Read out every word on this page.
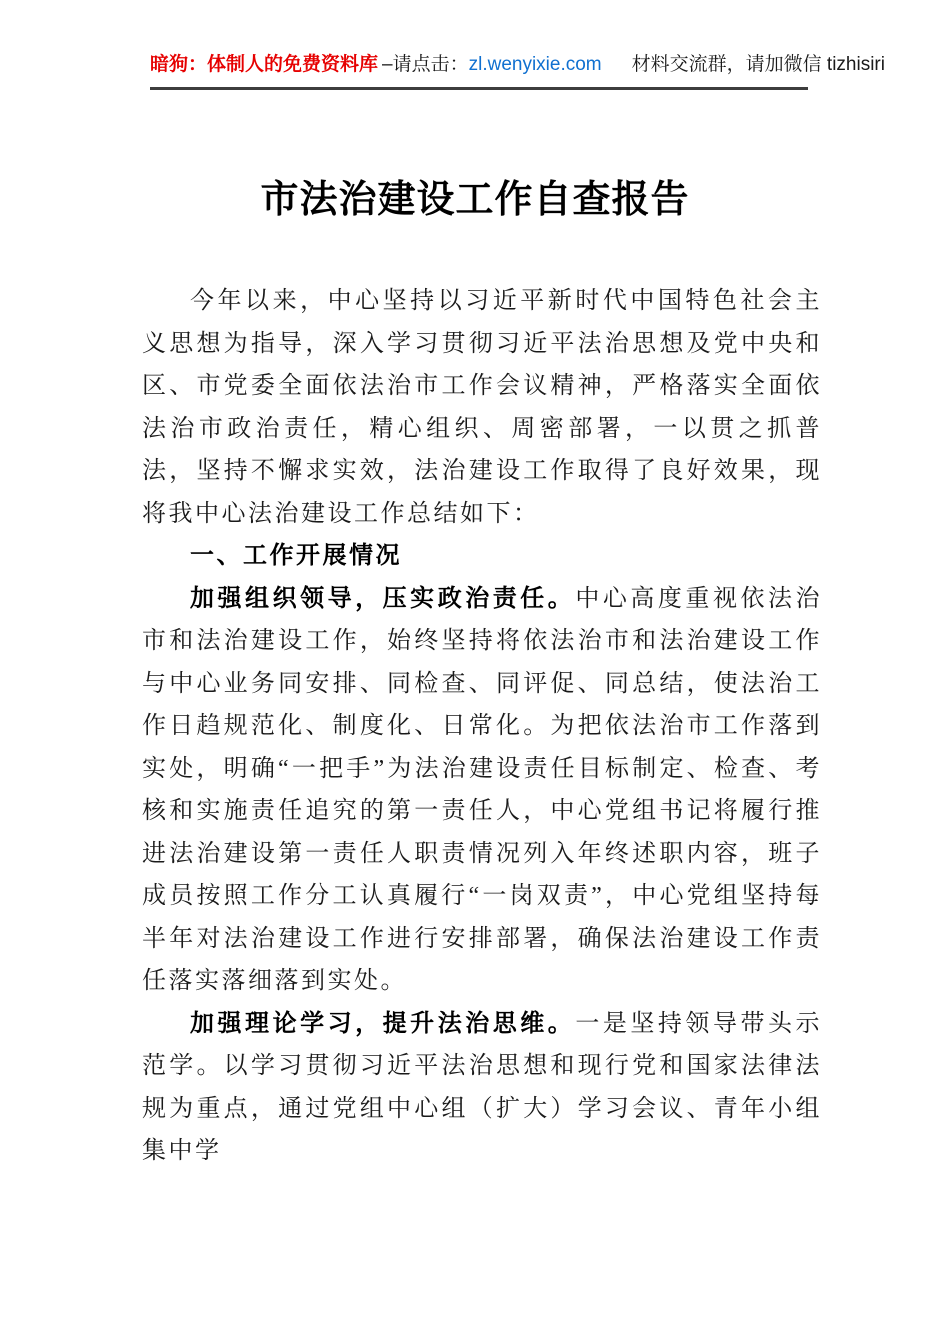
暗狗：体制人的免费资料库 –请点击： zl.wenyixie.com 材料交流群，请加微信 tizhisiri
市法治建设工作自查报告

今年以来，中心坚持以习近平新时代中国特色社会主义思想为指导，深入学习贯彻习近平法治思想及党中央和区、市党委全面依法治市工作会议精神，严格落实全面依法治市政治责任，精心组织、周密部署，一以贯之抓普法，坚持不懈求实效，法治建设工作取得了良好效果，现将我中心法治建设工作总结如下：

一、工作开展情况

加强组织领导，压实政治责任。中心高度重视依法治市和法治建设工作，始终坚持将依法治市和法治建设工作与中心业务同安排、同检查、同评促、同总结，使法治工作日趋规范化、制度化、日常化。为把依法治市工作落到实处，明确“一把手”为法治建设责任目标制定、检查、考核和实施责任追究的第一责任人，中心党组书记将履行推进法治建设第一责任人职责情况列入年终述职内容，班子成员按照工作分工认真履行“一岗双责”，中心党组坚持每半年对法治建设工作进行安排部署，确保法治建设工作责任落实落细落到实处。

加强理论学习，提升法治思维。一是坚持领导带头示范学。以学习贯彻习近平法治思想和现行党和国家法律法规为重点，通过党组中心组（扩大）学习会议、青年小组集中学
